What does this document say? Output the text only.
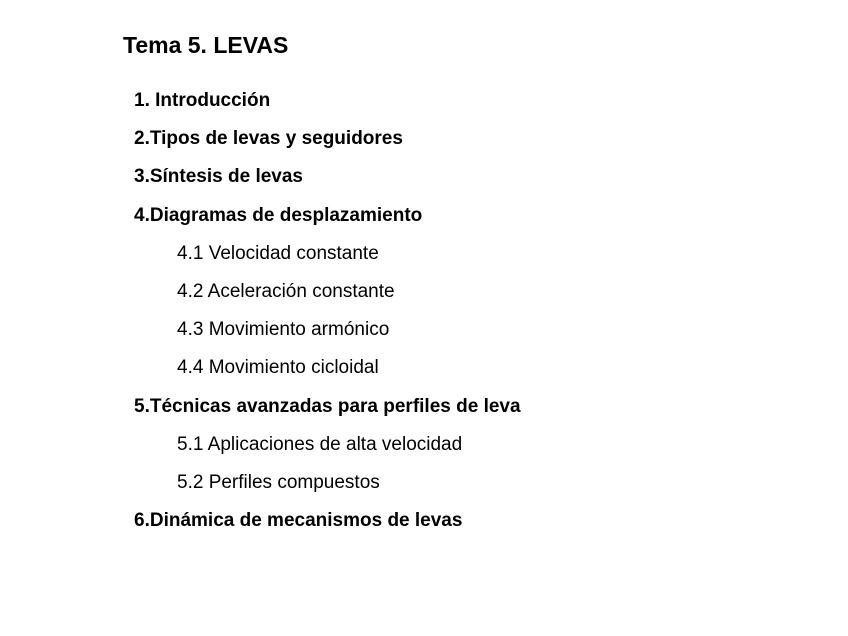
Tema 5. LEVAS
1. Introducción
2.Tipos de levas y seguidores
3.Síntesis de levas
4.Diagramas de desplazamiento
4.1 Velocidad constante
4.2 Aceleración constante
4.3 Movimiento armónico
4.4 Movimiento cicloidal
5.Técnicas avanzadas para perfiles de leva
5.1 Aplicaciones de alta velocidad
5.2 Perfiles compuestos
6.Dinámica de mecanismos de levas
